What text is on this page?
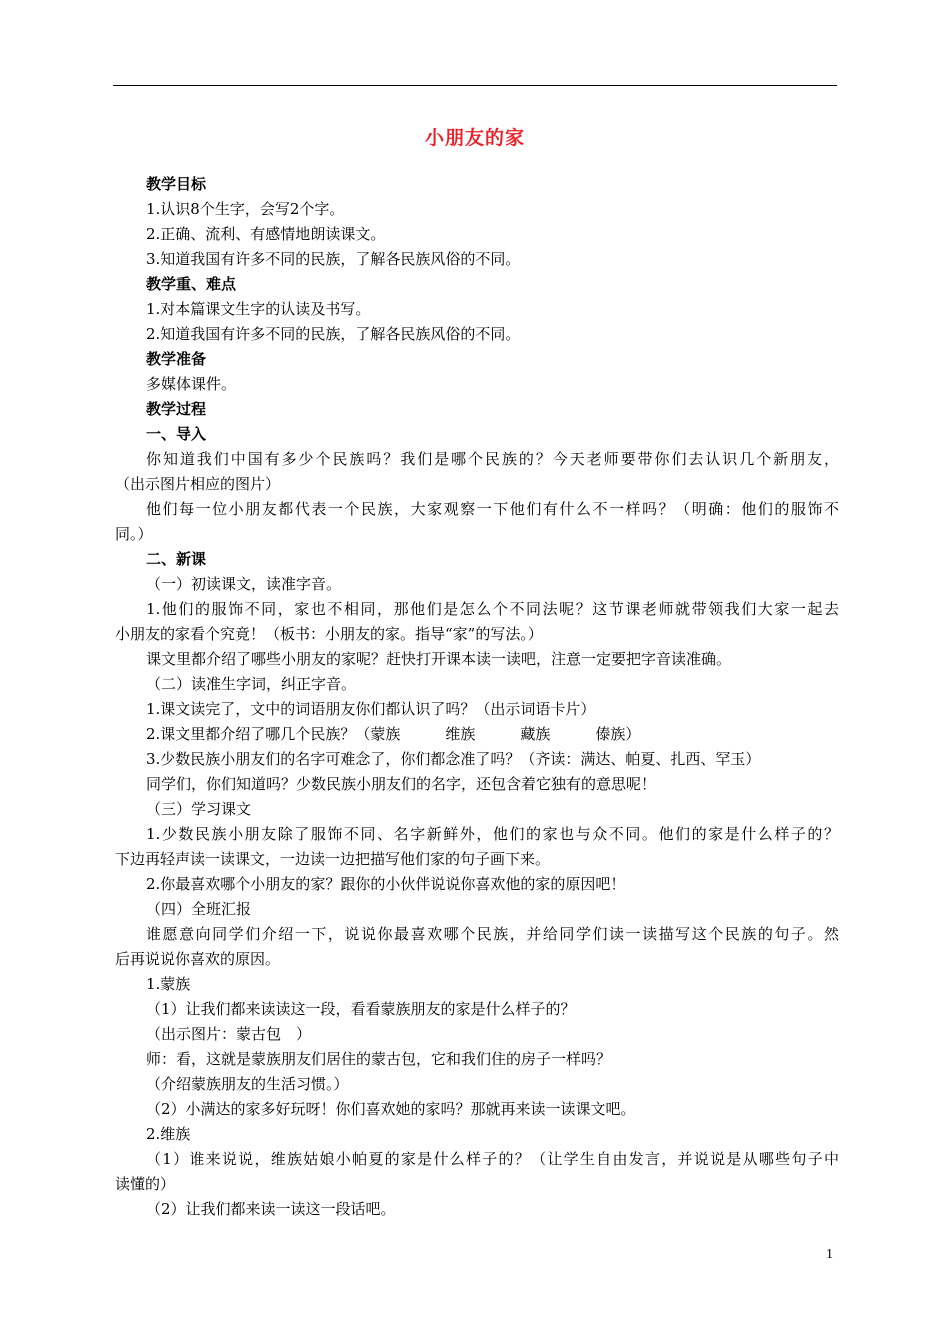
小朋友的家
教学目标
1.认识8个生字，会写2个字。
2.正确、流利、有感情地朗读课文。
3.知道我国有许多不同的民族，了解各民族风俗的不同。
教学重、难点
1.对本篇课文生字的认读及书写。
2.知道我国有许多不同的民族，了解各民族风俗的不同。
教学准备
多媒体课件。
教学过程
一、导入
你知道我们中国有多少个民族吗？我们是哪个民族的？今天老师要带你们去认识几个新朋友，
（出示图片相应的图片）
他们每一位小朋友都代表一个民族，大家观察一下他们有什么不一样吗？（明确：他们的服饰不
同。）
二、新课
（一）初读课文，读准字音。
1.他们的服饰不同，家也不相同，那他们是怎么个不同法呢？这节课老师就带领我们大家一起去
小朋友的家看个究竟！（板书：小朋友的家。指导“家”的写法。）
课文里都介绍了哪些小朋友的家呢？赶快打开课本读一读吧，注意一定要把字音读准确。
（二）读准生字词，纠正字音。
1.课文读完了，文中的词语朋友你们都认识了吗？（出示词语卡片）
2.课文里都介绍了哪几个民族？（蒙族　　　维族　　　藏族　　　傣族）
3.少数民族小朋友们的名字可难念了，你们都念准了吗？（齐读：满达、帕夏、扎西、罕玉）
同学们，你们知道吗？少数民族小朋友们的名字，还包含着它独有的意思呢！
（三）学习课文
1.少数民族小朋友除了服饰不同、名字新鲜外，他们的家也与众不同。他们的家是什么样子的？
下边再轻声读一读课文，一边读一边把描写他们家的句子画下来。
2.你最喜欢哪个小朋友的家？跟你的小伙伴说说你喜欢他的家的原因吧！
（四）全班汇报
谁愿意向同学们介绍一下，说说你最喜欢哪个民族，并给同学们读一读描写这个民族的句子。然
后再说说你喜欢的原因。
1.蒙族
（1）让我们都来读读这一段，看看蒙族朋友的家是什么样子的？
（出示图片：蒙古包　）
师：看，这就是蒙族朋友们居住的蒙古包，它和我们住的房子一样吗？
（介绍蒙族朋友的生活习惯。）
（2）小满达的家多好玩呀！你们喜欢她的家吗？那就再来读一读课文吧。
2.维族
（1）谁来说说，维族姑娘小帕夏的家是什么样子的？（让学生自由发言，并说说是从哪些句子中
读懂的）
（2）让我们都来读一读这一段话吧。
1
